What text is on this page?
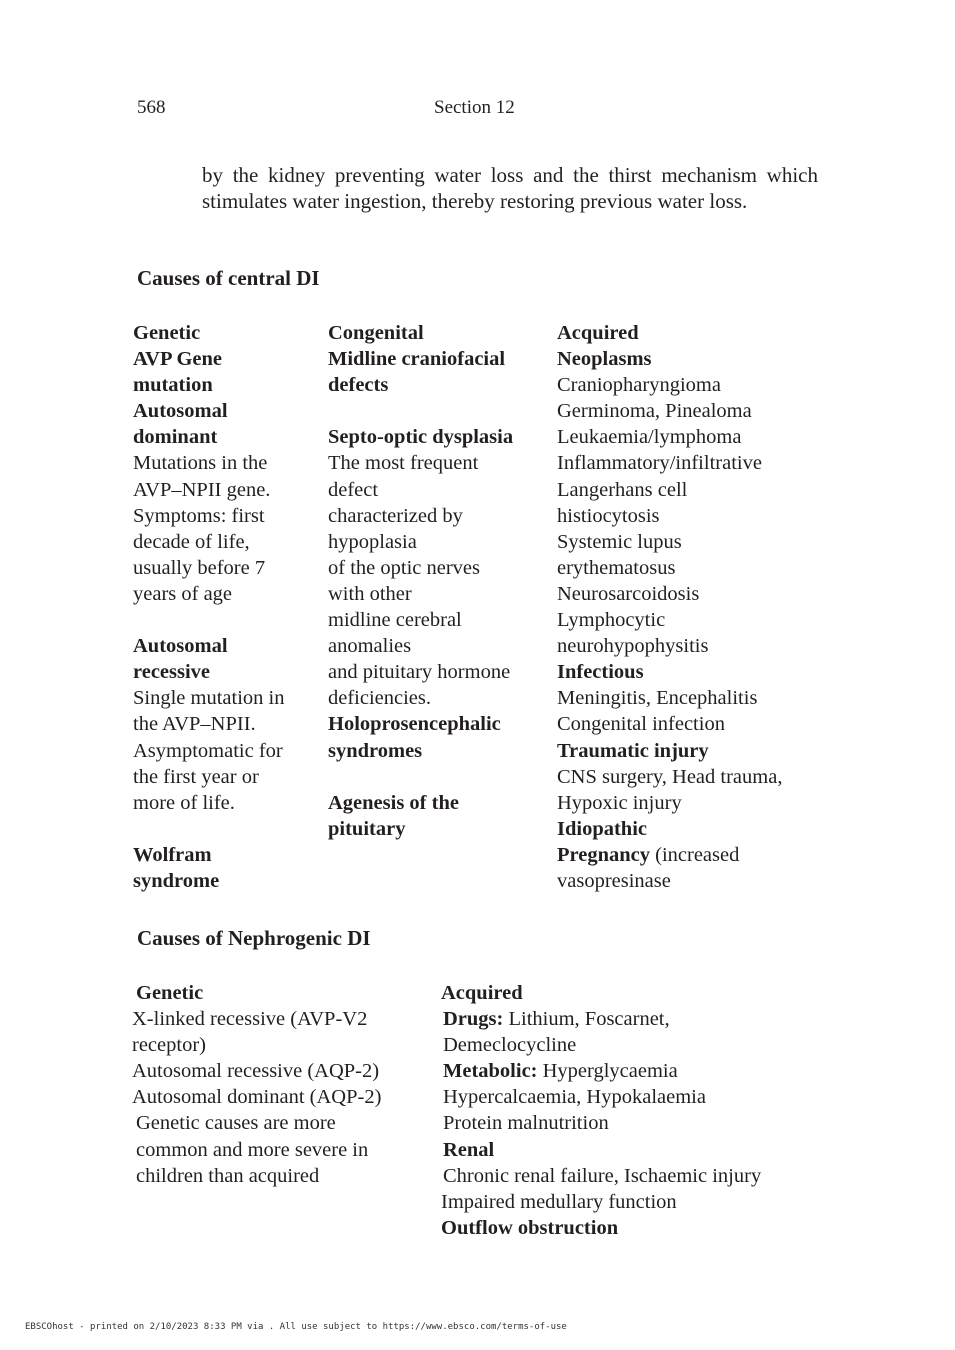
568	Section 12
by the kidney preventing water loss and the thirst mechanism which stimulates water ingestion, thereby restoring previous water loss.
Causes of central DI
Genetic
AVP Gene
mutation
Autosomal
dominant
Mutations in the
AVP–NPII gene.
Symptoms: first
decade of life,
usually before 7
years of age
Autosomal
recessive
Single mutation in
the AVP–NPII.
Asymptomatic for
the first year or
more of life.
Wolfram
syndrome
Congenital
Midline craniofacial
defects
Septo-optic dysplasia
The most frequent
defect
characterized by
hypoplasia
of the optic nerves
with other
midline cerebral
anomalies
and pituitary hormone
deficiencies.
Holoprosencephalic
syndromes
Agenesis of the
pituitary
Acquired
Neoplasms
Craniopharyngioma
Germinoma, Pinealoma
Leukaemia/lymphoma
Inflammatory/infiltrative
Langerhans cell
histiocytosis
Systemic lupus
erythematosus
Neurosarcoidosis
Lymphocytic
neurohypophysitis
Infectious
Meningitis, Encephalitis
Congenital infection
Traumatic injury
CNS surgery, Head trauma,
Hypoxic injury
Idiopathic
Pregnancy (increased
vasopresinase
Causes of Nephrogenic DI
Genetic
X-linked recessive (AVP-V2
receptor)
Autosomal recessive (AQP-2)
Autosomal dominant (AQP-2)
Genetic causes are more
common and more severe in
children than acquired
Acquired
Drugs: Lithium, Foscarnet,
Demeclocycline
Metabolic: Hyperglycaemia
Hypercalcaemia, Hypokalaemia
Protein malnutrition
Renal
Chronic renal failure, Ischaemic injury
Impaired medullary function
Outflow obstruction
EBSCOhost - printed on 2/10/2023 8:33 PM via . All use subject to https://www.ebsco.com/terms-of-use
